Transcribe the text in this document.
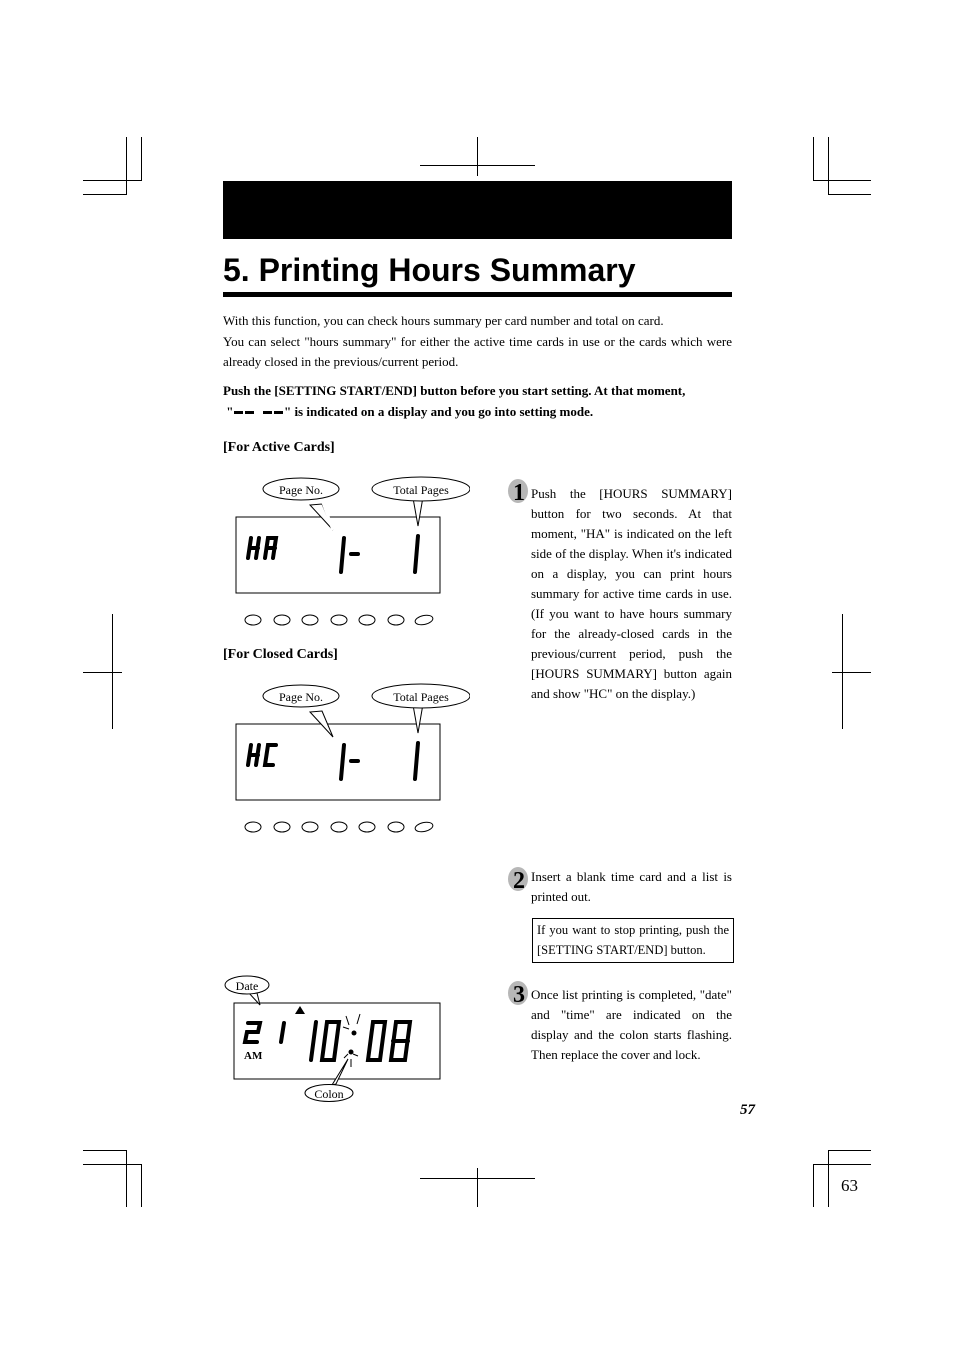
5. Printing Hours Summary

With this function, you can check hours summary per card number and total on card.

You can select "hours summary" for either the active time cards in use or the cards which were already closed in the previous/current period.

Push the [SETTING START/END] button before you start setting. At that moment,
"	" is indicated on a display and you go into setting mode.

[For Active Cards]
[For Closed Cards]
Page No.	Total Pages
Page No.	Total Pages
Date
AM
Colon
1
2
3
Push the [HOURS SUMMARY] button for two seconds. At that moment, "HA" is indicated on the left side of the display. When it's indicated on a display, you can print hours summary for active time cards in use. (If you want to have hours summary for the already-closed cards in the previous/current period, push the [HOURS SUMMARY] button again and show "HC" on the display.)
Insert a blank time card and a list is printed out.
If you want to stop printing, push the [SETTING START/END] button.
Once list printing is completed, "date" and "time" are indicated on the display and the colon starts flashing. Then replace the cover and lock.
57
63
